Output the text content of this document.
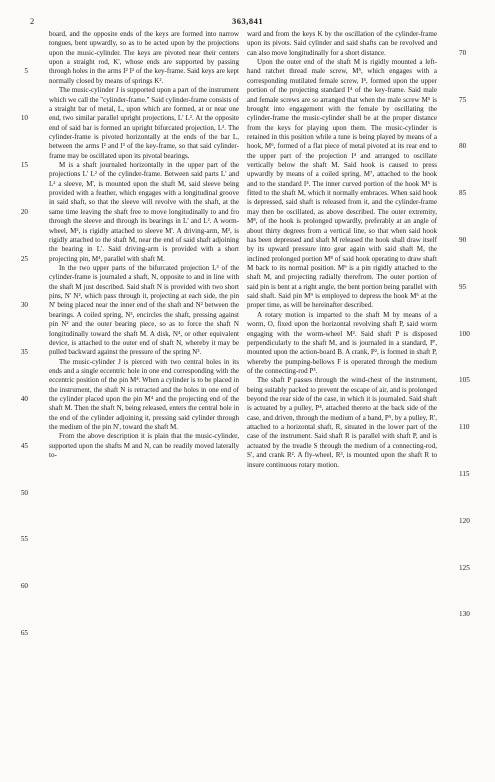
2	363,841
5
10
15
20
25
30
35
40
45
50
55
60
65
70
75
80
85
90
95
100
105
110
115
120
125
130

board, and the opposite ends of the keys are formed into narrow tongues, bent upwardly, so as to be acted upon by the projections upon the music-cylinder. The keys are pivoted near their centers upon a straight rod, K', whose ends are supported by passing through holes in the arms I² I² of the key-frame. Said keys are kept normally closed by means of springs K².

The music-cylinder J is supported upon a part of the instrument which we call the "cylinder-frame." Said cylinder-frame consists of a straight bar of metal, L, upon which are formed, at or near one end, two similar parallel upright projections, L' L². At the opposite end of said bar is formed an upright bifurcated projection, L³. The cylinder-frame is pivoted horizontally at the ends of the bar L, between the arms I² and I³ of the key-frame, so that said cylinder-frame may be oscillated upon its pivotal bearings.

M is a shaft journaled horizontally in the upper part of the projections L' L² of the cylinder-frame. Between said parts L' and L² a sleeve, M', is mounted upon the shaft M, said sleeve being provided with a feather, which engages with a longitudinal groove in said shaft, so that the sleeve will revolve with the shaft, at the same time leaving the shaft free to move longitudinally to and fro through the sleeve and through its bearings in L' and L². A worm-wheel, M², is rigidly attached to sleeve M'. A driving-arm, M³, is rigidly attached to the shaft M, near the end of said shaft adjoining the bearing in L'. Said driving-arm is provided with a short projecting pin, M⁴, parallel with shaft M.

In the two upper parts of the bifurcated projection L³ of the cylinder-frame is journaled a shaft, N, opposite to and in line with the shaft M just described. Said shaft N is provided with two short pins, N' N², which pass through it, projecting at each side, the pin N' being placed near the inner end of the shaft and N² between the bearings. A coiled spring, N³, encircles the shaft, pressing against pin N² and the outer bearing piece, so as to force the shaft N longitudinally toward the shaft M. A disk, N⁴, or other equivalent device, is attached to the outer end of shaft N, whereby it may be pulled backward against the pressure of the spring N³.

The music-cylinder J is pierced with two central holes in its ends and a single eccentric hole in one end corresponding with the eccentric position of the pin M⁴. When a cylinder is to be placed in the instrument, the shaft N is retracted and the holes in one end of the cylinder placed upon the pin M⁴ and the projecting end of the shaft M. Then the shaft N, being released, enters the central hole in the end of the cylinder adjoining it, pressing said cylinder through the medium of the pin N', toward the shaft M.

From the above description it is plain that the music-cylinder, supported upon the shafts M and N, can be readily moved laterally to-

ward and from the keys K by the oscillation of the cylinder-frame upon its pivots. Said cylinder and said shafts can be revolved and can also move longitudinally for a short distance.

Upon the outer end of the shaft M is rigidly mounted a left-hand ratchet thread male screw, M⁵, which engages with a corresponding mutilated female screw, I⁴, formed upon the upper portion of the projecting standard I⁴ of the key-frame. Said male and female screws are so arranged that when the male screw M⁵ is brought into engagement with the female by oscillating the cylinder-frame the music-cylinder shall be at the proper distance from the keys for playing upon them. The music-cylinder is retained in this position while a tune is being played by means of a hook, M⁶, formed of a flat piece of metal pivoted at its rear end to the upper part of the projection I⁴ and arranged to oscillate vertically below the shaft M. Said hook is caused to press upwardly by means of a coiled spring, M⁷, attached to the hook and to the standard I⁴. The inner curved portion of the hook M⁶ is fitted to the shaft M, which it normally embraces. When said hook is depressed, said shaft is released from it, and the cylinder-frame may then be oscillated, as above described. The outer extremity, M⁸, of the hook is prolonged upwardly, preferably at an angle of about thirty degrees from a vertical line, so that when said hook has been depressed and shaft M released the hook shall draw itself by its upward pressure into gear again with said shaft M, the inclined prolonged portion M⁸ of said hook operating to draw shaft M back to its normal position. M⁹ is a pin rigidly attached to the shaft M, and projecting radially therefrom. The outer portion of said pin is bent at a right angle, the bent portion being parallel with said shaft. Said pin M⁹ is employed to depress the hook M⁶ at the proper time, as will be hereinafter described.

A rotary motion is imparted to the shaft M by means of a worm, O, fixed upon the horizontal revolving shaft P, said worm engaging with the worm-wheel M². Said shaft P is disposed perpendicularly to the shaft M, and is journaled in a standard, P', mounted upon the action-board B. A crank, P², is formed in shaft P, whereby the pumping-bellows F is operated through the medium of the connecting-rod P³.

The shaft P passes through the wind-chest of the instrument, being suitably packed to prevent the escape of air, and is prolonged beyond the rear side of the case, in which it is journaled. Said shaft is actuated by a pulley, P⁴, attached thereto at the back side of the case, and driven, through the medium of a band, P⁵, by a pulley, R', attached to a horizontal shaft, R, situated in the lower part of the case of the instrument. Said shaft R is parallel with shaft P, and is actuated by the treadle S through the medium of a connecting-rod, S', and crank R². A fly-wheel, R³, is mounted upon the shaft R to insure continuous rotary motion.
